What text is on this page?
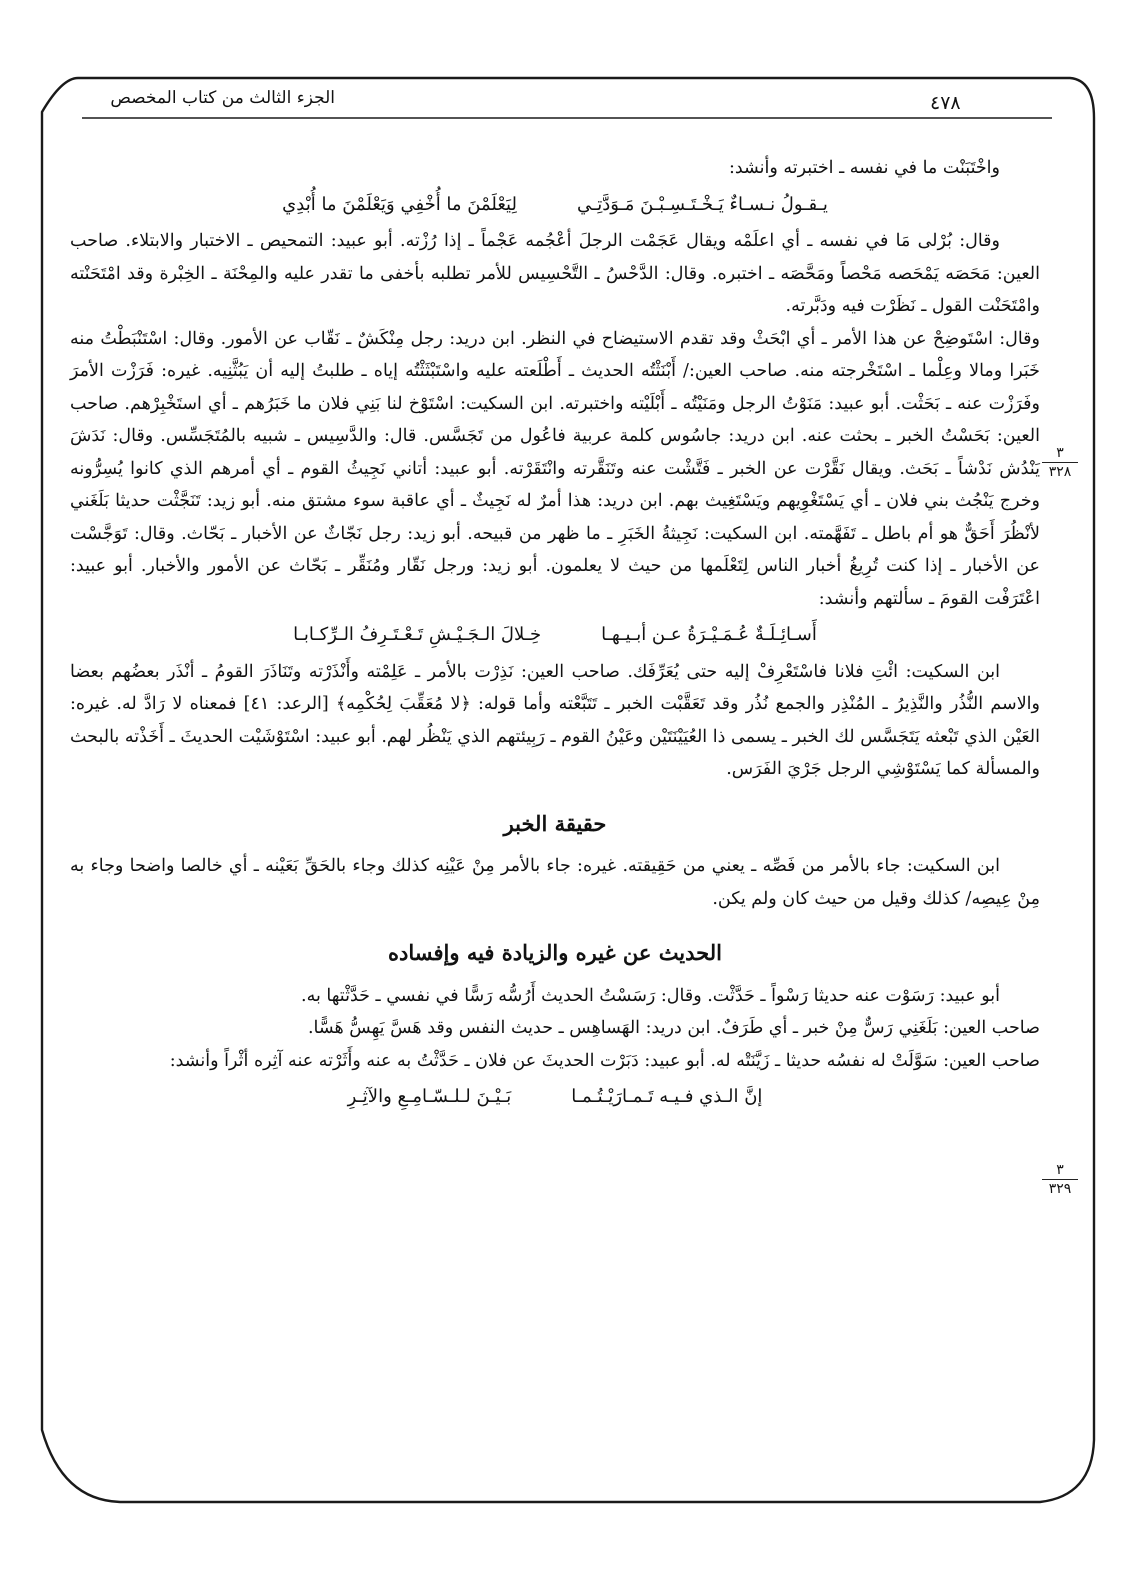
الجزء الثالث من كتاب المخصص	٤٧٨
٣
٣٢٨
٣
٣٢٩

واخْتَبَنْت ما في نفسه ـ اختبرته وأنشد:

يـقـولُ نـسـاءٌ يَـخْـتَـسِـبْـنَ مَـوَدَّتِـي
لِيَعْلَمْنَ ما أُخْفِي وَيَعْلَمْنَ ما أُبْدِي

وقال: بُرْلى مَا في نفسه ـ أي اعلَمْه ويقال عَجَمْت الرجلَ أعْجُمه عَجْماً ـ إذا رُزْته. أبو عبيد: التمحيص ـ الاختبار والابتلاء. صاحب العين: مَحَصَه يَمْحَصه مَحْصاً ومَحَّصَه ـ اختبره. وقال: الدَّحْسُ ـ التَّحْسِيس للأمر تطلبه بأخفى ما تقدر عليه والمِحْنَة ـ الخِبْرة وقد امْتَحَنْته وامْتَحَنْت القول ـ نَظَرْت فيه ودَبَّرته.

وقال: اسْتَوضِحْ عن هذا الأمر ـ أي ابْحَثْ وقد تقدم الاستيضاح في النظر. ابن دريد: رجل مِنْكَشٌ ـ نَقّاب عن الأمور. وقال: اسْتَنْبَطْتُ منه خَبَرا ومالا وعِلْما ـ اسْتَخْرجته منه. صاحب العين:/ أَبْنَثْتُه الحديث ـ أَطْلَعته عليه واسْتَبْثَثْتُه إياه ـ طلبتُ إليه أن يَبُثَّنِيه. غيره: فَرَزْت الأمرَ وفَرَزْت عنه ـ بَحَثْت. أبو عبيد: مَنَوْتُ الرجل ومَنَيْتُه ـ أَبْلَيْته واختبرته. ابن السكيت: اسْتَوْخ لنا بَنِي فلان ما خَبَرُهم ـ أي استَخْبِرْهم. صاحب العين: بَحَسْتُ الخبر ـ بحثت عنه. ابن دريد: جاسُوس كلمة عربية فاعُول من تَجَسَّس. قال: والدَّسِيس ـ شبيه بالمُتَجَسِّس. وقال: نَدَشَ يَنْدُش نَدْشاً ـ بَحَث. ويقال نَقَّرْت عن الخبر ـ فَتَّشْت عنه وتَنَقَّرته وانْتَقَرْته. أبو عبيد: أتاني نَجِيثُ القوم ـ أي أمرهم الذي كانوا يُسِرُّونه وخرج يَنْجُث بني فلان ـ أي يَسْتَغْوِيهم ويَسْتَغِيث بهم. ابن دريد: هذا أمرٌ له نَجِيثٌ ـ أي عاقبة سوء مشتق منه. أبو زيد: تَنَجَّثْت حديثا بَلَغَني لأنْظُرَ أَحَقٌّ هو أم باطل ـ تَفَهَّمته. ابن السكيت: نَجِيثةُ الخَبَرِ ـ ما ظهر من قبيحه. أبو زيد: رجل نَجّاثٌ عن الأخبار ـ بَحّاث. وقال: تَوَجَّسْت عن الأخبار ـ إذا كنت تُرِيغُ أخبار الناس لِتَعْلَمها من حيث لا يعلمون. أبو زيد: ورجل نَقّار ومُنَقِّر ـ بَحّاث عن الأمور والأخبار. أبو عبيد: اعْتَرَفْت القومَ ـ سألتهم وأنشد:

أَسـائِـلَـةٌ عُـمَـيْـرَةُ عـن أبـيـهـا
خِـلالَ الـجَـيْـشِ تَـعْـتَـرِفُ الـرِّكـابـا

ابن السكيت: ائْتِ فلانا فاسْتَعْرِفْ إليه حتى يُعَرِّفَك. صاحب العين: نَذِرْت بالأمر ـ عَلِمْته وأَنْذَرْته وتَنَاذَرَ القومُ ـ أنْذَر بعضُهم بعضا والاسم النُّذُر والنَّذِيرُ ـ المُنْذِر والجمع نُذُر وقد تَعَقَّبْت الخبر ـ تَتَبَّعْته وأما قوله: ﴿لا مُعَقِّبَ لِحُكْمِه﴾ [الرعد: ٤١] فمعناه لا رَادَّ له. غيره: العَيْن الذي تَبْعثه يَتَجَسَّس لك الخبر ـ يسمى ذا العُيَيْنَتَيْن وعَيْنُ القوم ـ رَبِيئتهم الذي يَنْظُر لهم. أبو عبيد: اسْتَوْشَيْت الحديثَ ـ أَخَذْته بالبحث والمسألة كما يَسْتَوْشِي الرجل جَرْيَ الفَرَس.

حقيقة الخبر

ابن السكيت: جاء بالأمر من فَصِّه ـ يعني من حَقِيقته. غيره: جاء بالأمر مِنْ عَيْنِه كذلك وجاء بالحَقِّ بَعَيْنه ـ أي خالصا واضحا وجاء به مِنْ عِيصِه/ كذلك وقيل من حيث كان ولم يكن.

الحديث عن غيره والزيادة فيه وإفساده

أبو عبيد: رَسَوْت عنه حديثا رَسْواً ـ حَدَّثْت. وقال: رَسَسْتُ الحديث أَرُسُّه رَسًّا في نفسي ـ حَدَّثْتها به.

صاحب العين: بَلَغَنِي رَسٌّ مِنْ خبر ـ أي طَرَفٌ. ابن دريد: الهَساهِس ـ حديث النفس وقد هَسَّ يَهِسُّ هَسًّا.

صاحب العين: سَوَّلَتْ له نفسُه حديثا ـ زَيَّنَتْه له. أبو عبيد: دَبَرْت الحديثَ عن فلان ـ حَدَّثْتُ به عنه وأَثَرْته عنه آثِره أثْراً وأنشد:

إنَّ الـذي فـيـه تَـمـارَيْـتُـمـا
بَـيْـنَ لـلـسّـامِـعِ والآثِـرِ
